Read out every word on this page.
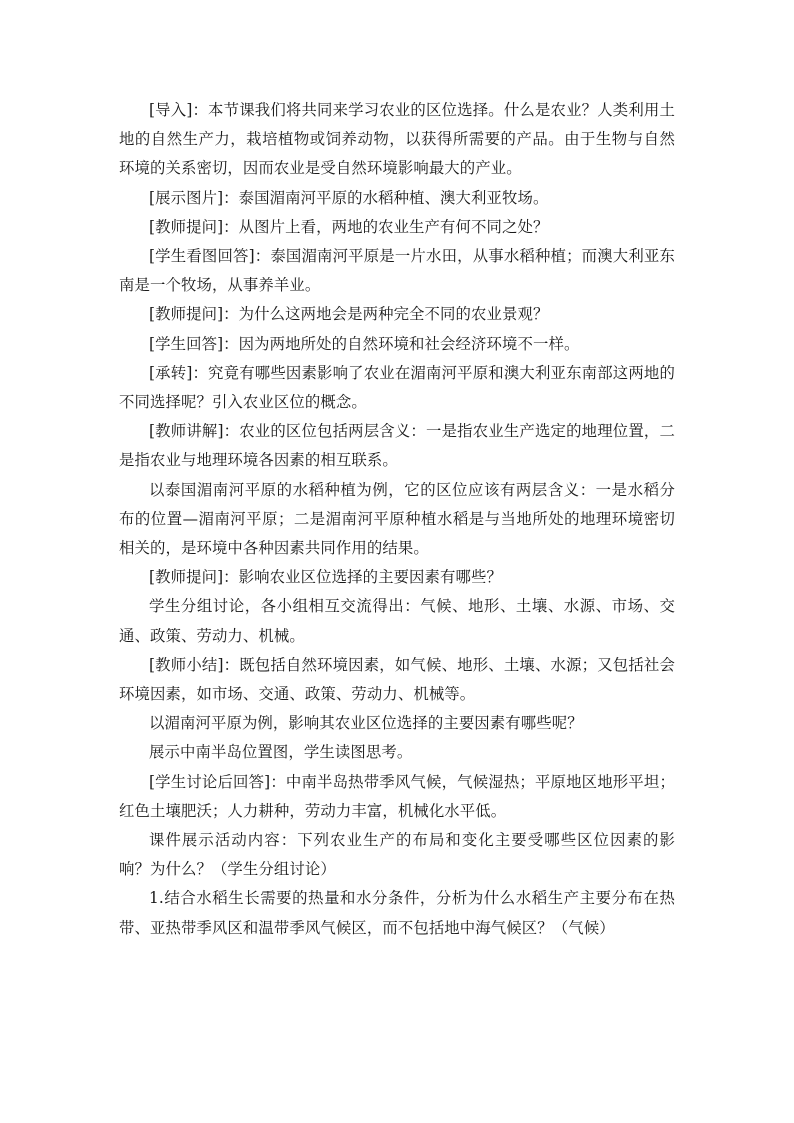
[导入]：本节课我们将共同来学习农业的区位选择。什么是农业？人类利用土地的自然生产力，栽培植物或饲养动物，以获得所需要的产品。由于生物与自然环境的关系密切，因而农业是受自然环境影响最大的产业。

[展示图片]：泰国湄南河平原的水稻种植、澳大利亚牧场。

[教师提问]：从图片上看，两地的农业生产有何不同之处？

[学生看图回答]：泰国湄南河平原是一片水田，从事水稻种植；而澳大利亚东南是一个牧场，从事养羊业。

[教师提问]：为什么这两地会是两种完全不同的农业景观？

[学生回答]：因为两地所处的自然环境和社会经济环境不一样。

[承转]：究竟有哪些因素影响了农业在湄南河平原和澳大利亚东南部这两地的不同选择呢？引入农业区位的概念。

[教师讲解]：农业的区位包括两层含义：一是指农业生产选定的地理位置，二是指农业与地理环境各因素的相互联系。

以泰国湄南河平原的水稻种植为例，它的区位应该有两层含义：一是水稻分布的位置—湄南河平原；二是湄南河平原种植水稻是与当地所处的地理环境密切相关的，是环境中各种因素共同作用的结果。

[教师提问]：影响农业区位选择的主要因素有哪些？

学生分组讨论，各小组相互交流得出：气候、地形、土壤、水源、市场、交通、政策、劳动力、机械。

[教师小结]：既包括自然环境因素，如气候、地形、土壤、水源；又包括社会环境因素，如市场、交通、政策、劳动力、机械等。

以湄南河平原为例，影响其农业区位选择的主要因素有哪些呢？

展示中南半岛位置图，学生读图思考。

[学生讨论后回答]：中南半岛热带季风气候，气候湿热；平原地区地形平坦；红色土壤肥沃；人力耕种，劳动力丰富，机械化水平低。

课件展示活动内容：下列农业生产的布局和变化主要受哪些区位因素的影响？为什么？（学生分组讨论）

1.结合水稻生长需要的热量和水分条件，分析为什么水稻生产主要分布在热带、亚热带季风区和温带季风气候区，而不包括地中海气候区？（气候）
